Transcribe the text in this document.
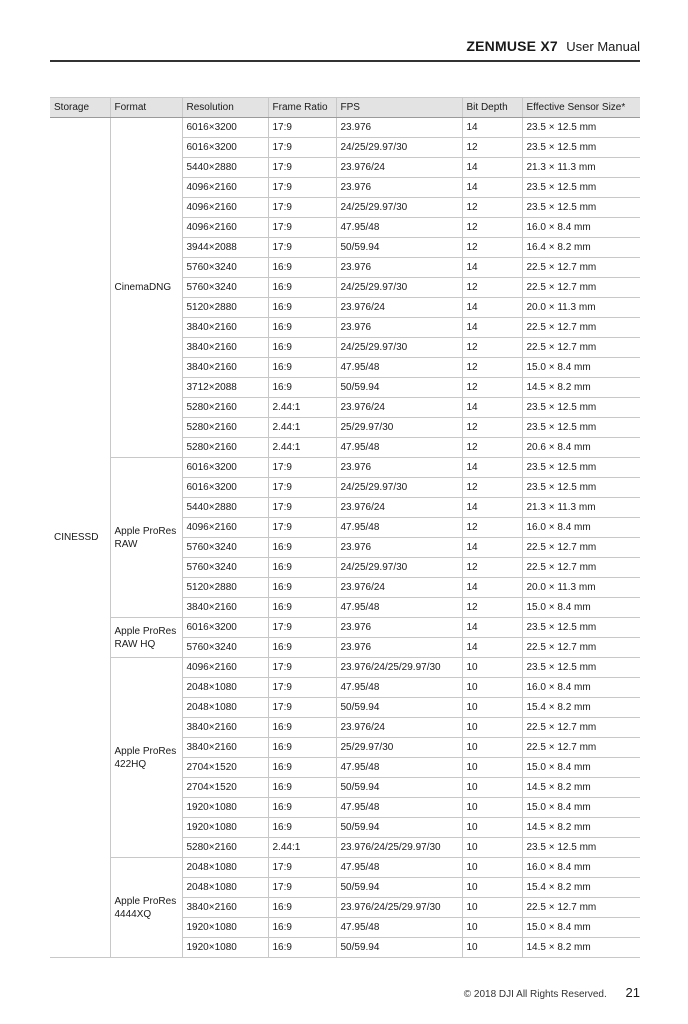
ZENMUSE X7 User Manual
Storage	Format	Resolution	Frame Ratio	FPS	Bit Depth	Effective Sensor Size*
CINESSD	CinemaDNG	6016×3200	17:9	23.976	14	23.5 × 12.5 mm
		6016×3200	17:9	24/25/29.97/30	12	23.5 × 12.5 mm
		5440×2880	17:9	23.976/24	14	21.3 × 11.3 mm
		4096×2160	17:9	23.976	14	23.5 × 12.5 mm
		4096×2160	17:9	24/25/29.97/30	12	23.5 × 12.5 mm
		4096×2160	17:9	47.95/48	12	16.0 × 8.4 mm
		3944×2088	17:9	50/59.94	12	16.4 × 8.2 mm
		5760×3240	16:9	23.976	14	22.5 × 12.7 mm
		5760×3240	16:9	24/25/29.97/30	12	22.5 × 12.7 mm
		5120×2880	16:9	23.976/24	14	20.0 × 11.3 mm
		3840×2160	16:9	23.976	14	22.5 × 12.7 mm
		3840×2160	16:9	24/25/29.97/30	12	22.5 × 12.7 mm
		3840×2160	16:9	47.95/48	12	15.0 × 8.4 mm
		3712×2088	16:9	50/59.94	12	14.5 × 8.2 mm
		5280×2160	2.44:1	23.976/24	14	23.5 × 12.5 mm
		5280×2160	2.44:1	25/29.97/30	12	23.5 × 12.5 mm
		5280×2160	2.44:1	47.95/48	12	20.6 × 8.4 mm
	Apple ProRes RAW	6016×3200	17:9	23.976	14	23.5 × 12.5 mm
		6016×3200	17:9	24/25/29.97/30	12	23.5 × 12.5 mm
		5440×2880	17:9	23.976/24	14	21.3 × 11.3 mm
		4096×2160	17:9	47.95/48	12	16.0 × 8.4 mm
		5760×3240	16:9	23.976	14	22.5 × 12.7 mm
		5760×3240	16:9	24/25/29.97/30	12	22.5 × 12.7 mm
		5120×2880	16:9	23.976/24	14	20.0 × 11.3 mm
		3840×2160	16:9	47.95/48	12	15.0 × 8.4 mm
	Apple ProRes RAW HQ	6016×3200	17:9	23.976	14	23.5 × 12.5 mm
		5760×3240	16:9	23.976	14	22.5 × 12.7 mm
	Apple ProRes 422HQ	4096×2160	17:9	23.976/24/25/29.97/30	10	23.5 × 12.5 mm
		2048×1080	17:9	47.95/48	10	16.0 × 8.4 mm
		2048×1080	17:9	50/59.94	10	15.4 × 8.2 mm
		3840×2160	16:9	23.976/24	10	22.5 × 12.7 mm
		3840×2160	16:9	25/29.97/30	10	22.5 × 12.7 mm
		2704×1520	16:9	47.95/48	10	15.0 × 8.4 mm
		2704×1520	16:9	50/59.94	10	14.5 × 8.2 mm
		1920×1080	16:9	47.95/48	10	15.0 × 8.4 mm
		1920×1080	16:9	50/59.94	10	14.5 × 8.2 mm
		5280×2160	2.44:1	23.976/24/25/29.97/30	10	23.5 × 12.5 mm
	Apple ProRes 4444XQ	2048×1080	17:9	47.95/48	10	16.0 × 8.4 mm
		2048×1080	17:9	50/59.94	10	15.4 × 8.2 mm
		3840×2160	16:9	23.976/24/25/29.97/30	10	22.5 × 12.7 mm
		1920×1080	16:9	47.95/48	10	15.0 × 8.4 mm
		1920×1080	16:9	50/59.94	10	14.5 × 8.2 mm
© 2018 DJI All Rights Reserved. 21
